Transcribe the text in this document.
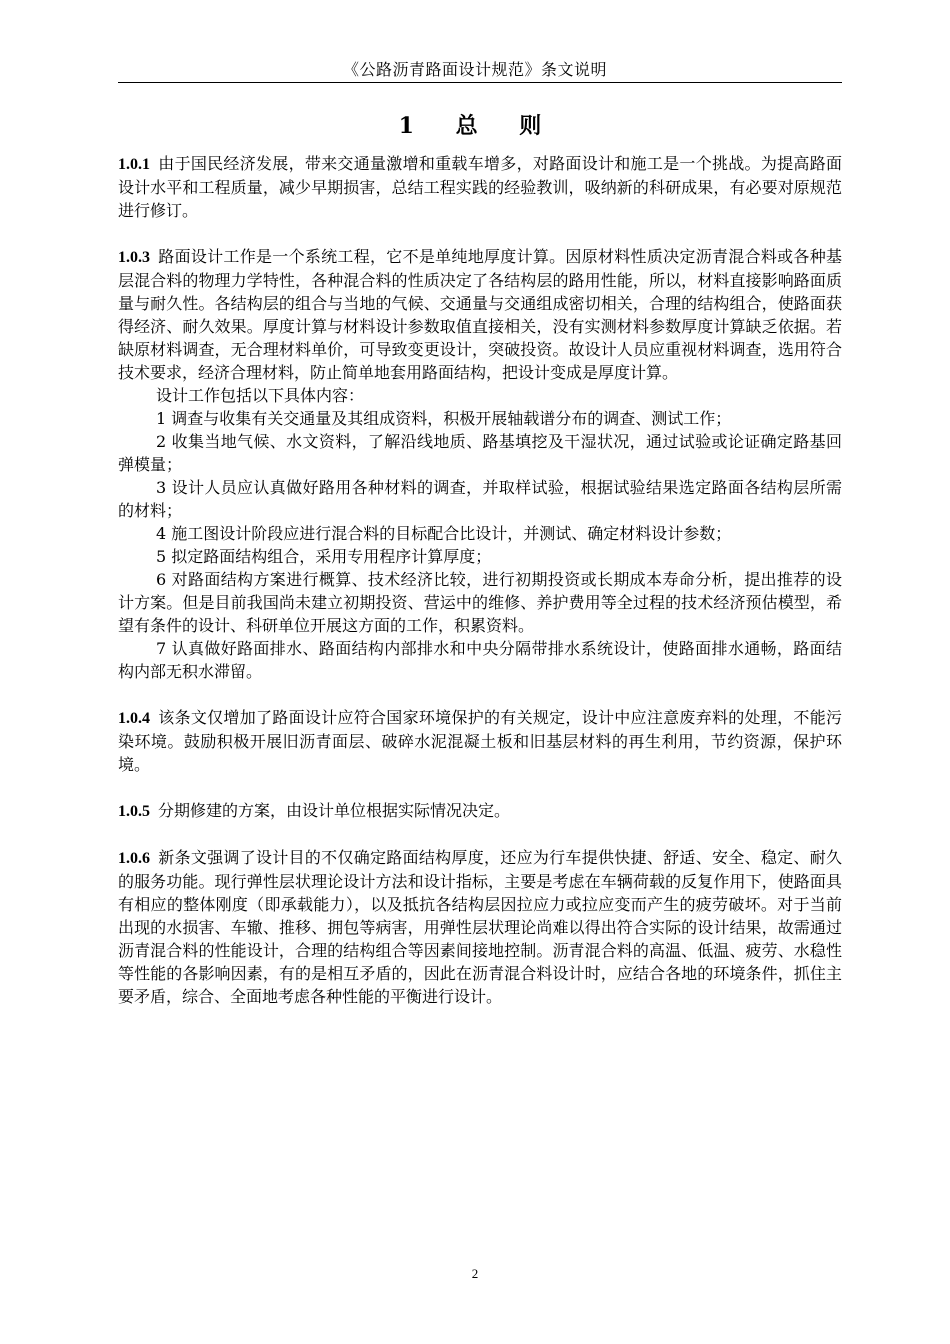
《公路沥青路面设计规范》条文说明
1 总 则

1.0.1 由于国民经济发展，带来交通量激增和重载车增多，对路面设计和施工是一个挑战。为提高路面设计水平和工程质量，减少早期损害，总结工程实践的经验教训，吸纳新的科研成果，有必要对原规范进行修订。

1.0.3 路面设计工作是一个系统工程，它不是单纯地厚度计算。因原材料性质决定沥青混合料或各种基层混合料的物理力学特性，各种混合料的性质决定了各结构层的路用性能，所以，材料直接影响路面质量与耐久性。各结构层的组合与当地的气候、交通量与交通组成密切相关，合理的结构组合，使路面获得经济、耐久效果。厚度计算与材料设计参数取值直接相关，没有实测材料参数厚度计算缺乏依据。若缺原材料调查，无合理材料单价，可导致变更设计，突破投资。故设计人员应重视材料调查，选用符合技术要求，经济合理材料，防止简单地套用路面结构，把设计变成是厚度计算。

设计工作包括以下具体内容：

1 调查与收集有关交通量及其组成资料，积极开展轴载谱分布的调查、测试工作；

2 收集当地气候、水文资料，了解沿线地质、路基填挖及干湿状况，通过试验或论证确定路基回弹模量；

3 设计人员应认真做好路用各种材料的调查，并取样试验，根据试验结果选定路面各结构层所需的材料；

4 施工图设计阶段应进行混合料的目标配合比设计，并测试、确定材料设计参数；

5 拟定路面结构组合，采用专用程序计算厚度；

6 对路面结构方案进行概算、技术经济比较，进行初期投资或长期成本寿命分析，提出推荐的设计方案。但是目前我国尚未建立初期投资、营运中的维修、养护费用等全过程的技术经济预估模型，希望有条件的设计、科研单位开展这方面的工作，积累资料。

7 认真做好路面排水、路面结构内部排水和中央分隔带排水系统设计，使路面排水通畅，路面结构内部无积水滞留。

1.0.4 该条文仅增加了路面设计应符合国家环境保护的有关规定，设计中应注意废弃料的处理，不能污染环境。鼓励积极开展旧沥青面层、破碎水泥混凝土板和旧基层材料的再生利用，节约资源，保护环境。

1.0.5 分期修建的方案，由设计单位根据实际情况决定。

1.0.6 新条文强调了设计目的不仅确定路面结构厚度，还应为行车提供快捷、舒适、安全、稳定、耐久的服务功能。现行弹性层状理论设计方法和设计指标，主要是考虑在车辆荷载的反复作用下，使路面具有相应的整体刚度（即承载能力），以及抵抗各结构层因拉应力或拉应变而产生的疲劳破坏。对于当前出现的水损害、车辙、推移、拥包等病害，用弹性层状理论尚难以得出符合实际的设计结果，故需通过沥青混合料的性能设计，合理的结构组合等因素间接地控制。沥青混合料的高温、低温、疲劳、水稳性等性能的各影响因素，有的是相互矛盾的，因此在沥青混合料设计时，应结合各地的环境条件，抓住主要矛盾，综合、全面地考虑各种性能的平衡进行设计。

2
